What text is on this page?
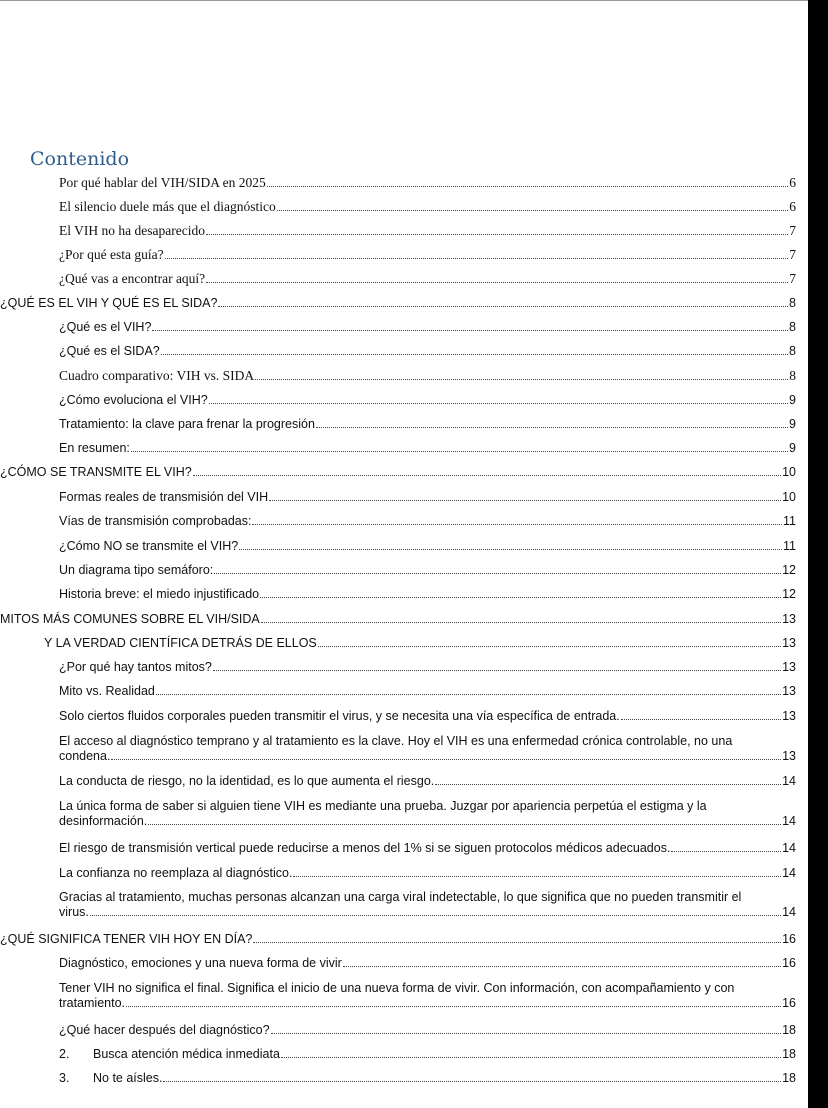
Contenido
Por qué hablar del VIH/SIDA en 2025	6
El silencio duele más que el diagnóstico	6
El VIH no ha desaparecido	7
¿Por qué esta guía?	7
¿Qué vas a encontrar aquí?	7
¿QUÉ ES EL VIH Y QUÉ ES EL SIDA?	8
¿Qué es el VIH?	8
¿Qué es el SIDA?	8
Cuadro comparativo: VIH vs. SIDA	8
¿Cómo evoluciona el VIH?	9
Tratamiento: la clave para frenar la progresión	9
En resumen:	9
¿CÓMO SE TRANSMITE EL VIH?	10
Formas reales de transmisión del VIH	10
Vías de transmisión comprobadas:	11
¿Cómo NO se transmite el VIH?	11
Un diagrama tipo semáforo:	12
Historia breve: el miedo injustificado	12
MITOS MÁS COMUNES SOBRE EL VIH/SIDA	13
Y LA VERDAD CIENTÍFICA DETRÁS DE ELLOS	13
¿Por qué hay tantos mitos?	13
Mito vs. Realidad	13
Solo ciertos fluidos corporales pueden transmitir el virus, y se necesita una vía específica de entrada.	13
El acceso al diagnóstico temprano y al tratamiento es la clave. Hoy el VIH es una enfermedad crónica controlable, no una
condena.	13
La conducta de riesgo, no la identidad, es lo que aumenta el riesgo.	14
La única forma de saber si alguien tiene VIH es mediante una prueba. Juzgar por apariencia perpetúa el estigma y la
desinformación.	14
El riesgo de transmisión vertical puede reducirse a menos del 1% si se siguen protocolos médicos adecuados.	14
La confianza no reemplaza al diagnóstico.	14
Gracias al tratamiento, muchas personas alcanzan una carga viral indetectable, lo que significa que no pueden transmitir el
virus.	14
¿QUÉ SIGNIFICA TENER VIH HOY EN DÍA?	16
Diagnóstico, emociones y una nueva forma de vivir	16
Tener VIH no significa el final. Significa el inicio de una nueva forma de vivir. Con información, con acompañamiento y con
tratamiento.	16
¿Qué hacer después del diagnóstico?	18
2.	Busca atención médica inmediata	18
3.	No te aísles.	18
